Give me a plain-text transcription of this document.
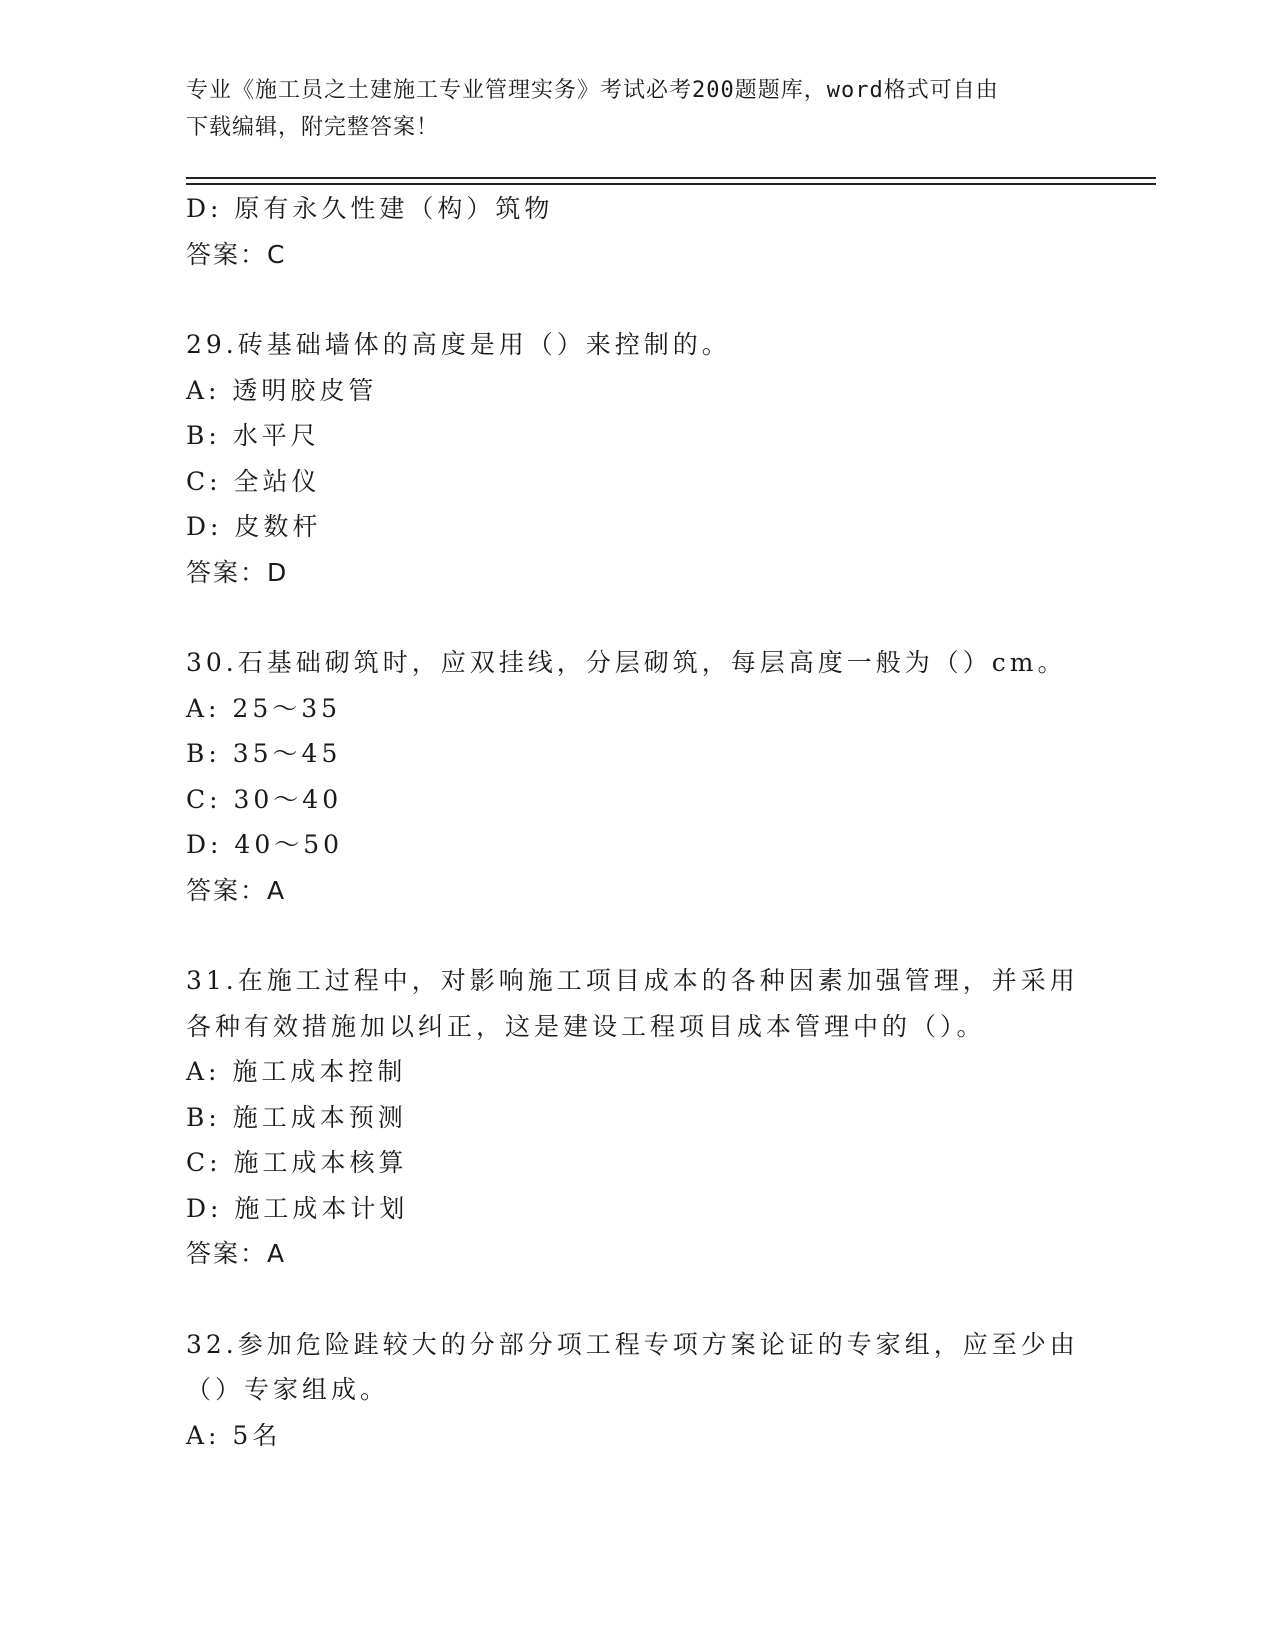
专业《施工员之土建施工专业管理实务》考试必考200题题库，word格式可自由
下载编辑，附完整答案！
D: 原有永久性建（构）筑物
答案：C
29.砖基础墙体的高度是用（）来控制的。
A: 透明胶皮管
B: 水平尺
C: 全站仪
D: 皮数杆
答案：D
30.石基础砌筑时，应双挂线，分层砌筑，每层高度一般为（）cm。
A: 25～35
B: 35～45
C: 30～40
D: 40～50
答案：A
31.在施工过程中，对影响施工项目成本的各种因素加强管理，并采用
各种有效措施加以纠正，这是建设工程项目成本管理中的（）。
A: 施工成本控制
B: 施工成本预测
C: 施工成本核算
D: 施工成本计划
答案：A
32.参加危险跬较大的分部分项工程专项方案论证的专家组，应至少由
（）专家组成。
A: 5名
